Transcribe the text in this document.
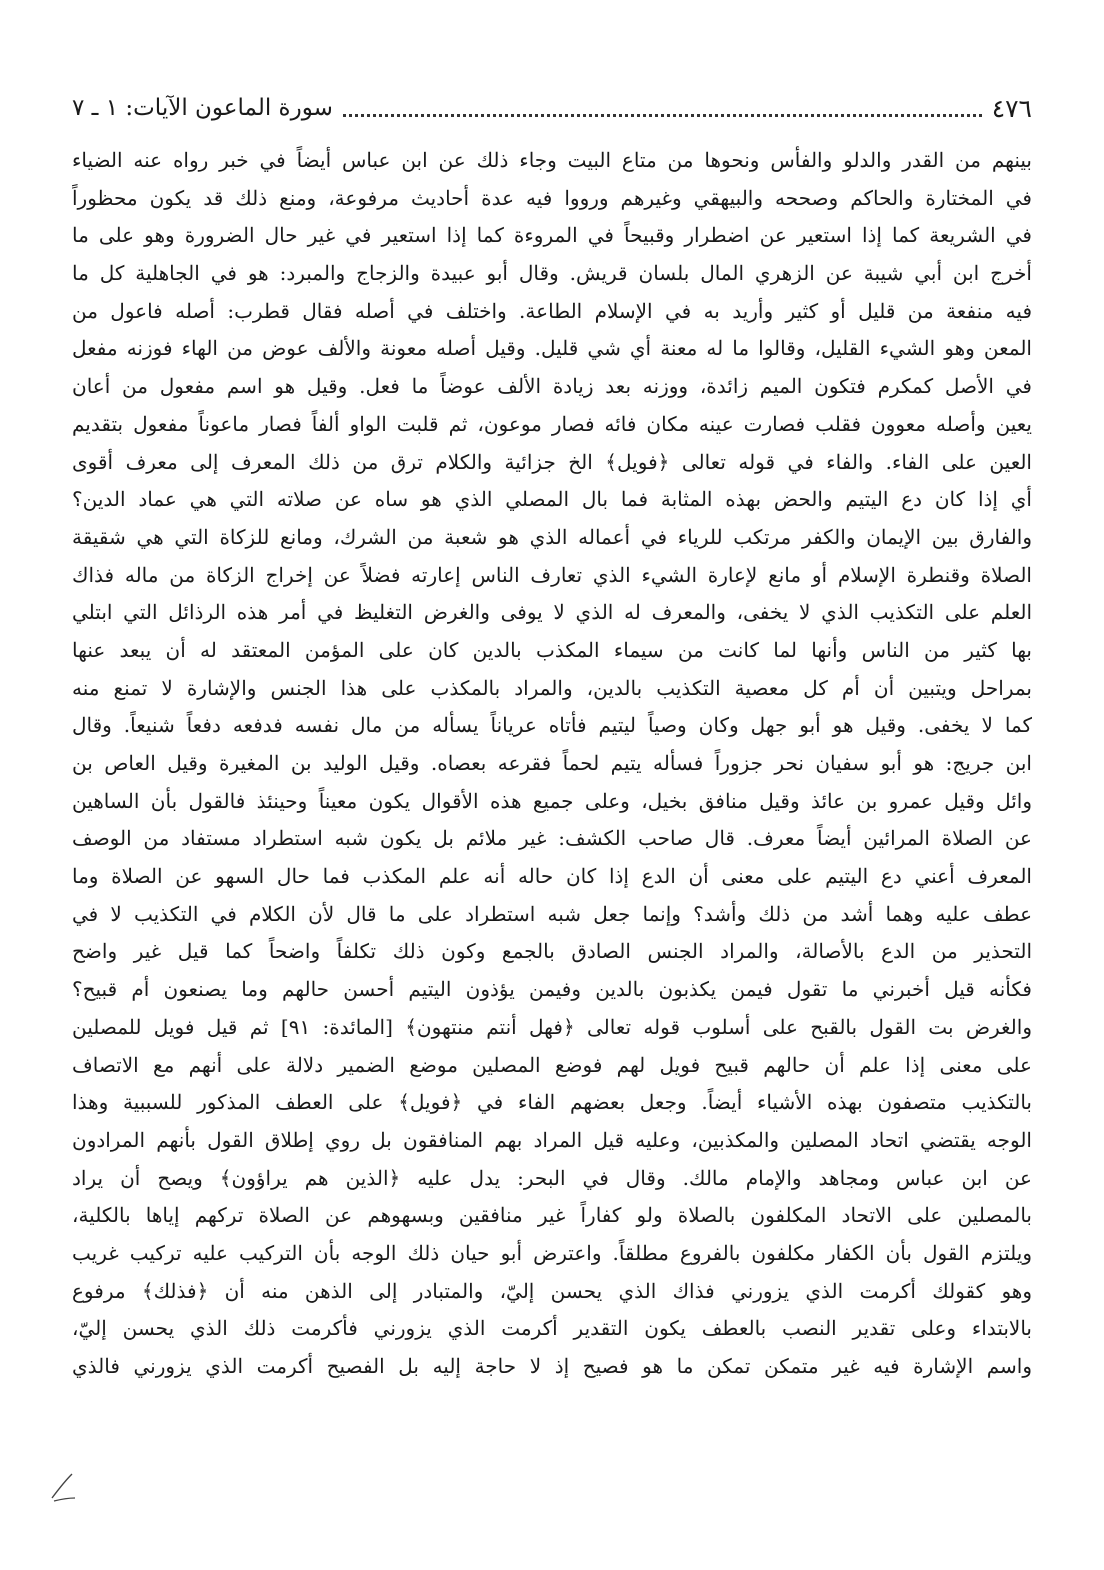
٤٧٦
سورة الماعون الآيات: ١ ـ ٧
بينهم من القدر والدلو والفأس ونحوها من متاع البيت وجاء ذلك عن ابن عباس أيضاً في خبر رواه عنه الضياء
في المختارة والحاكم وصححه والبيهقي وغيرهم ورووا فيه عدة أحاديث مرفوعة، ومنع ذلك قد يكون محظوراً
في الشريعة كما إذا استعير عن اضطرار وقبيحاً في المروءة كما إذا استعير في غير حال الضرورة وهو على ما
أخرج ابن أبي شيبة عن الزهري المال بلسان قريش. وقال أبو عبيدة والزجاج والمبرد: هو في الجاهلية كل ما
فيه منفعة من قليل أو كثير وأريد به في الإسلام الطاعة. واختلف في أصله فقال قطرب: أصله فاعول من
المعن وهو الشيء القليل، وقالوا ما له معنة أي شي قليل. وقيل أصله معونة والألف عوض من الهاء فوزنه مفعل
في الأصل كمكرم فتكون الميم زائدة، ووزنه بعد زيادة الألف عوضاً ما فعل. وقيل هو اسم مفعول من أعان
يعين وأصله معوون فقلب فصارت عينه مكان فائه فصار موعون، ثم قلبت الواو ألفاً فصار ماعوناً مفعول بتقديم
العين على الفاء. والفاء في قوله تعالى ﴿فويل﴾ الخ جزائية والكلام ترق من ذلك المعرف إلى معرف أقوى
أي إذا كان دع اليتيم والحض بهذه المثابة فما بال المصلي الذي هو ساه عن صلاته التي هي عماد الدين؟
والفارق بين الإيمان والكفر مرتكب للرياء في أعماله الذي هو شعبة من الشرك، ومانع للزكاة التي هي شقيقة
الصلاة وقنطرة الإسلام أو مانع لإعارة الشيء الذي تعارف الناس إعارته فضلاً عن إخراج الزكاة من ماله فذاك
العلم على التكذيب الذي لا يخفى، والمعرف له الذي لا يوفى والغرض التغليظ في أمر هذه الرذائل التي ابتلي
بها كثير من الناس وأنها لما كانت من سيماء المكذب بالدين كان على المؤمن المعتقد له أن يبعد عنها
بمراحل ويتبين أن أم كل معصية التكذيب بالدين، والمراد بالمكذب على هذا الجنس والإشارة لا تمنع منه
كما لا يخفى. وقيل هو أبو جهل وكان وصياً ليتيم فأتاه عرياناً يسأله من مال نفسه فدفعه دفعاً شنيعاً. وقال
ابن جريج: هو أبو سفيان نحر جزوراً فسأله يتيم لحماً فقرعه بعصاه. وقيل الوليد بن المغيرة وقيل العاص بن
وائل وقيل عمرو بن عائذ وقيل منافق بخيل، وعلى جميع هذه الأقوال يكون معيناً وحينئذ فالقول بأن الساهين
عن الصلاة المرائين أيضاً معرف. قال صاحب الكشف: غير ملائم بل يكون شبه استطراد مستفاد من الوصف
المعرف أعني دع اليتيم على معنى أن الدع إذا كان حاله أنه علم المكذب فما حال السهو عن الصلاة وما
عطف عليه وهما أشد من ذلك وأشد؟ وإنما جعل شبه استطراد على ما قال لأن الكلام في التكذيب لا في
التحذير من الدع بالأصالة، والمراد الجنس الصادق بالجمع وكون ذلك تكلفاً واضحاً كما قيل غير واضح
فكأنه قيل أخبرني ما تقول فيمن يكذبون بالدين وفيمن يؤذون اليتيم أحسن حالهم وما يصنعون أم قبيح؟
والغرض بت القول بالقبح على أسلوب قوله تعالى ﴿فهل أنتم منتهون﴾ [المائدة: ٩١] ثم قيل فويل للمصلين
على معنى إذا علم أن حالهم قبيح فويل لهم فوضع المصلين موضع الضمير دلالة على أنهم مع الاتصاف
بالتكذيب متصفون بهذه الأشياء أيضاً. وجعل بعضهم الفاء في ﴿فويل﴾ على العطف المذكور للسببية وهذا
الوجه يقتضي اتحاد المصلين والمكذبين، وعليه قيل المراد بهم المنافقون بل روي إطلاق القول بأنهم المرادون
عن ابن عباس ومجاهد والإمام مالك. وقال في البحر: يدل عليه ﴿الذين هم يراؤون﴾ ويصح أن يراد
بالمصلين على الاتحاد المكلفون بالصلاة ولو كفاراً غير منافقين وبسهوهم عن الصلاة تركهم إياها بالكلية،
ويلتزم القول بأن الكفار مكلفون بالفروع مطلقاً. واعترض أبو حيان ذلك الوجه بأن التركيب عليه تركيب غريب
وهو كقولك أكرمت الذي يزورني فذاك الذي يحسن إليّ، والمتبادر إلى الذهن منه أن ﴿فذلك﴾ مرفوع
بالابتداء وعلى تقدير النصب بالعطف يكون التقدير أكرمت الذي يزورني فأكرمت ذلك الذي يحسن إليّ،
واسم الإشارة فيه غير متمكن تمكن ما هو فصيح إذ لا حاجة إليه بل الفصيح أكرمت الذي يزورني فالذي
